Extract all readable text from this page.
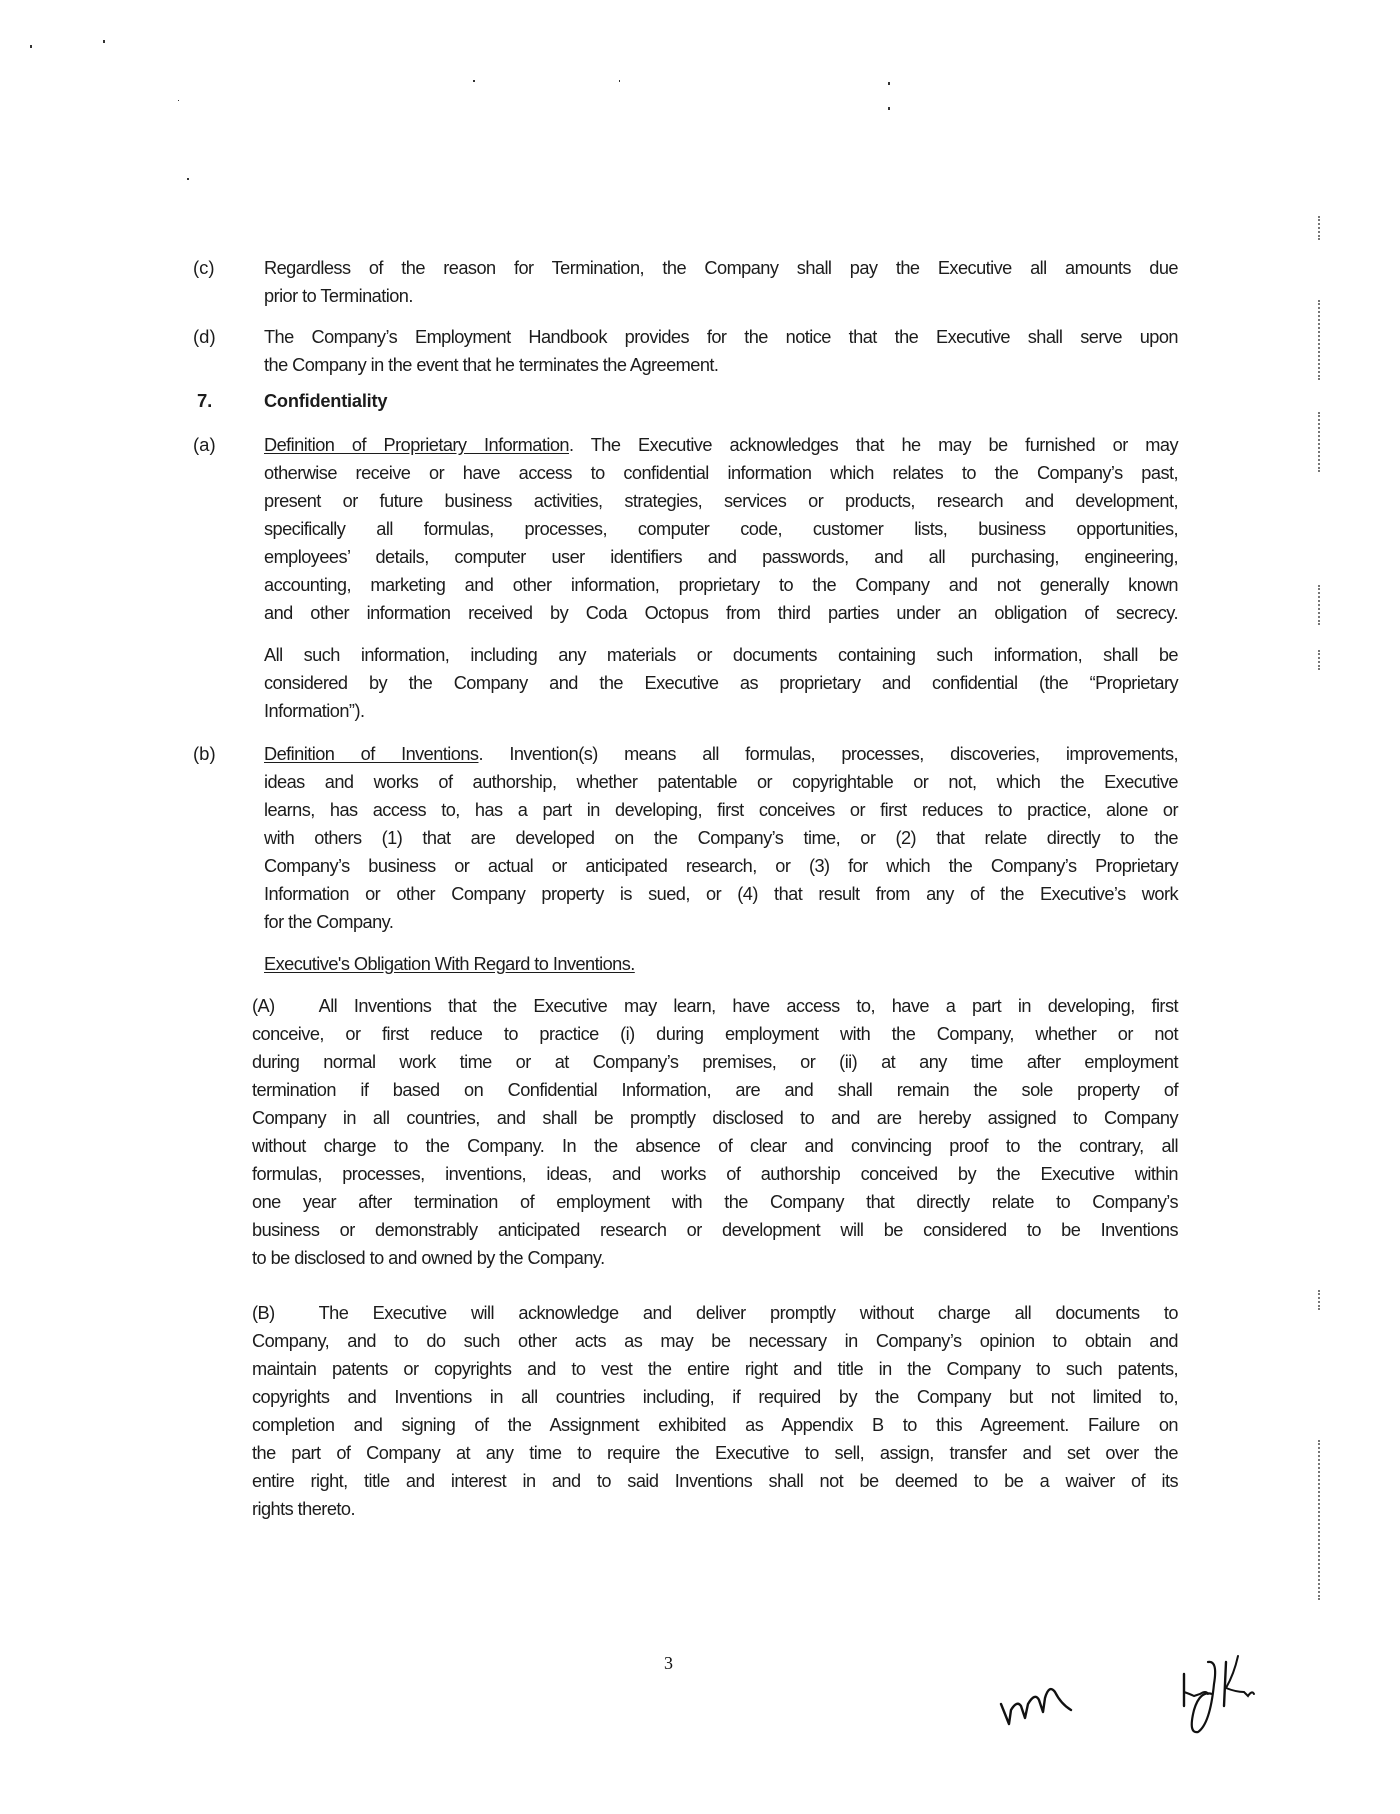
(c)	Regardless of the reason for Termination, the Company shall pay the Executive all amounts due
prior to Termination.
(d)	The Company’s Employment Handbook provides for the notice that the Executive shall serve upon
the Company in the event that he terminates the Agreement.
7.	Confidentiality
(a)	Definition of Proprietary Information. The Executive acknowledges that he may be furnished or may
otherwise receive or have access to confidential information which relates to the Company’s past,
present or future business activities, strategies, services or products, research and development,
specifically all formulas, processes, computer code, customer lists, business opportunities,
employees’ details, computer user identifiers and passwords, and all purchasing, engineering,
accounting, marketing and other information, proprietary to the Company and not generally known
and other information received by Coda Octopus from third parties under an obligation of secrecy.
All such information, including any materials or documents containing such information, shall be
considered by the Company and the Executive as proprietary and confidential (the “Proprietary
Information”).
(b)	Definition of Inventions. Invention(s) means all formulas, processes, discoveries, improvements,
ideas and works of authorship, whether patentable or copyrightable or not, which the Executive
learns, has access to, has a part in developing, first conceives or first reduces to practice, alone or
with others (1) that are developed on the Company’s time, or (2) that relate directly to the
Company’s business or actual or anticipated research, or (3) for which the Company’s Proprietary
Information or other Company property is sued, or (4) that result from any of the Executive’s work
for the Company.
Executive's Obligation With Regard to Inventions.
(A) All Inventions that the Executive may learn, have access to, have a part in developing, first
conceive, or first reduce to practice (i) during employment with the Company, whether or not
during normal work time or at Company’s premises, or (ii) at any time after employment
termination if based on Confidential Information, are and shall remain the sole property of
Company in all countries, and shall be promptly disclosed to and are hereby assigned to Company
without charge to the Company. In the absence of clear and convincing proof to the contrary, all
formulas, processes, inventions, ideas, and works of authorship conceived by the Executive within
one year after termination of employment with the Company that directly relate to Company’s
business or demonstrably anticipated research or development will be considered to be Inventions
to be disclosed to and owned by the Company.
(B) The Executive will acknowledge and deliver promptly without charge all documents to
Company, and to do such other acts as may be necessary in Company’s opinion to obtain and
maintain patents or copyrights and to vest the entire right and title in the Company to such patents,
copyrights and Inventions in all countries including, if required by the Company but not limited to,
completion and signing of the Assignment exhibited as Appendix B to this Agreement. Failure on
the part of Company at any time to require the Executive to sell, assign, transfer and set over the
entire right, title and interest in and to said Inventions shall not be deemed to be a waiver of its
rights thereto.
3
